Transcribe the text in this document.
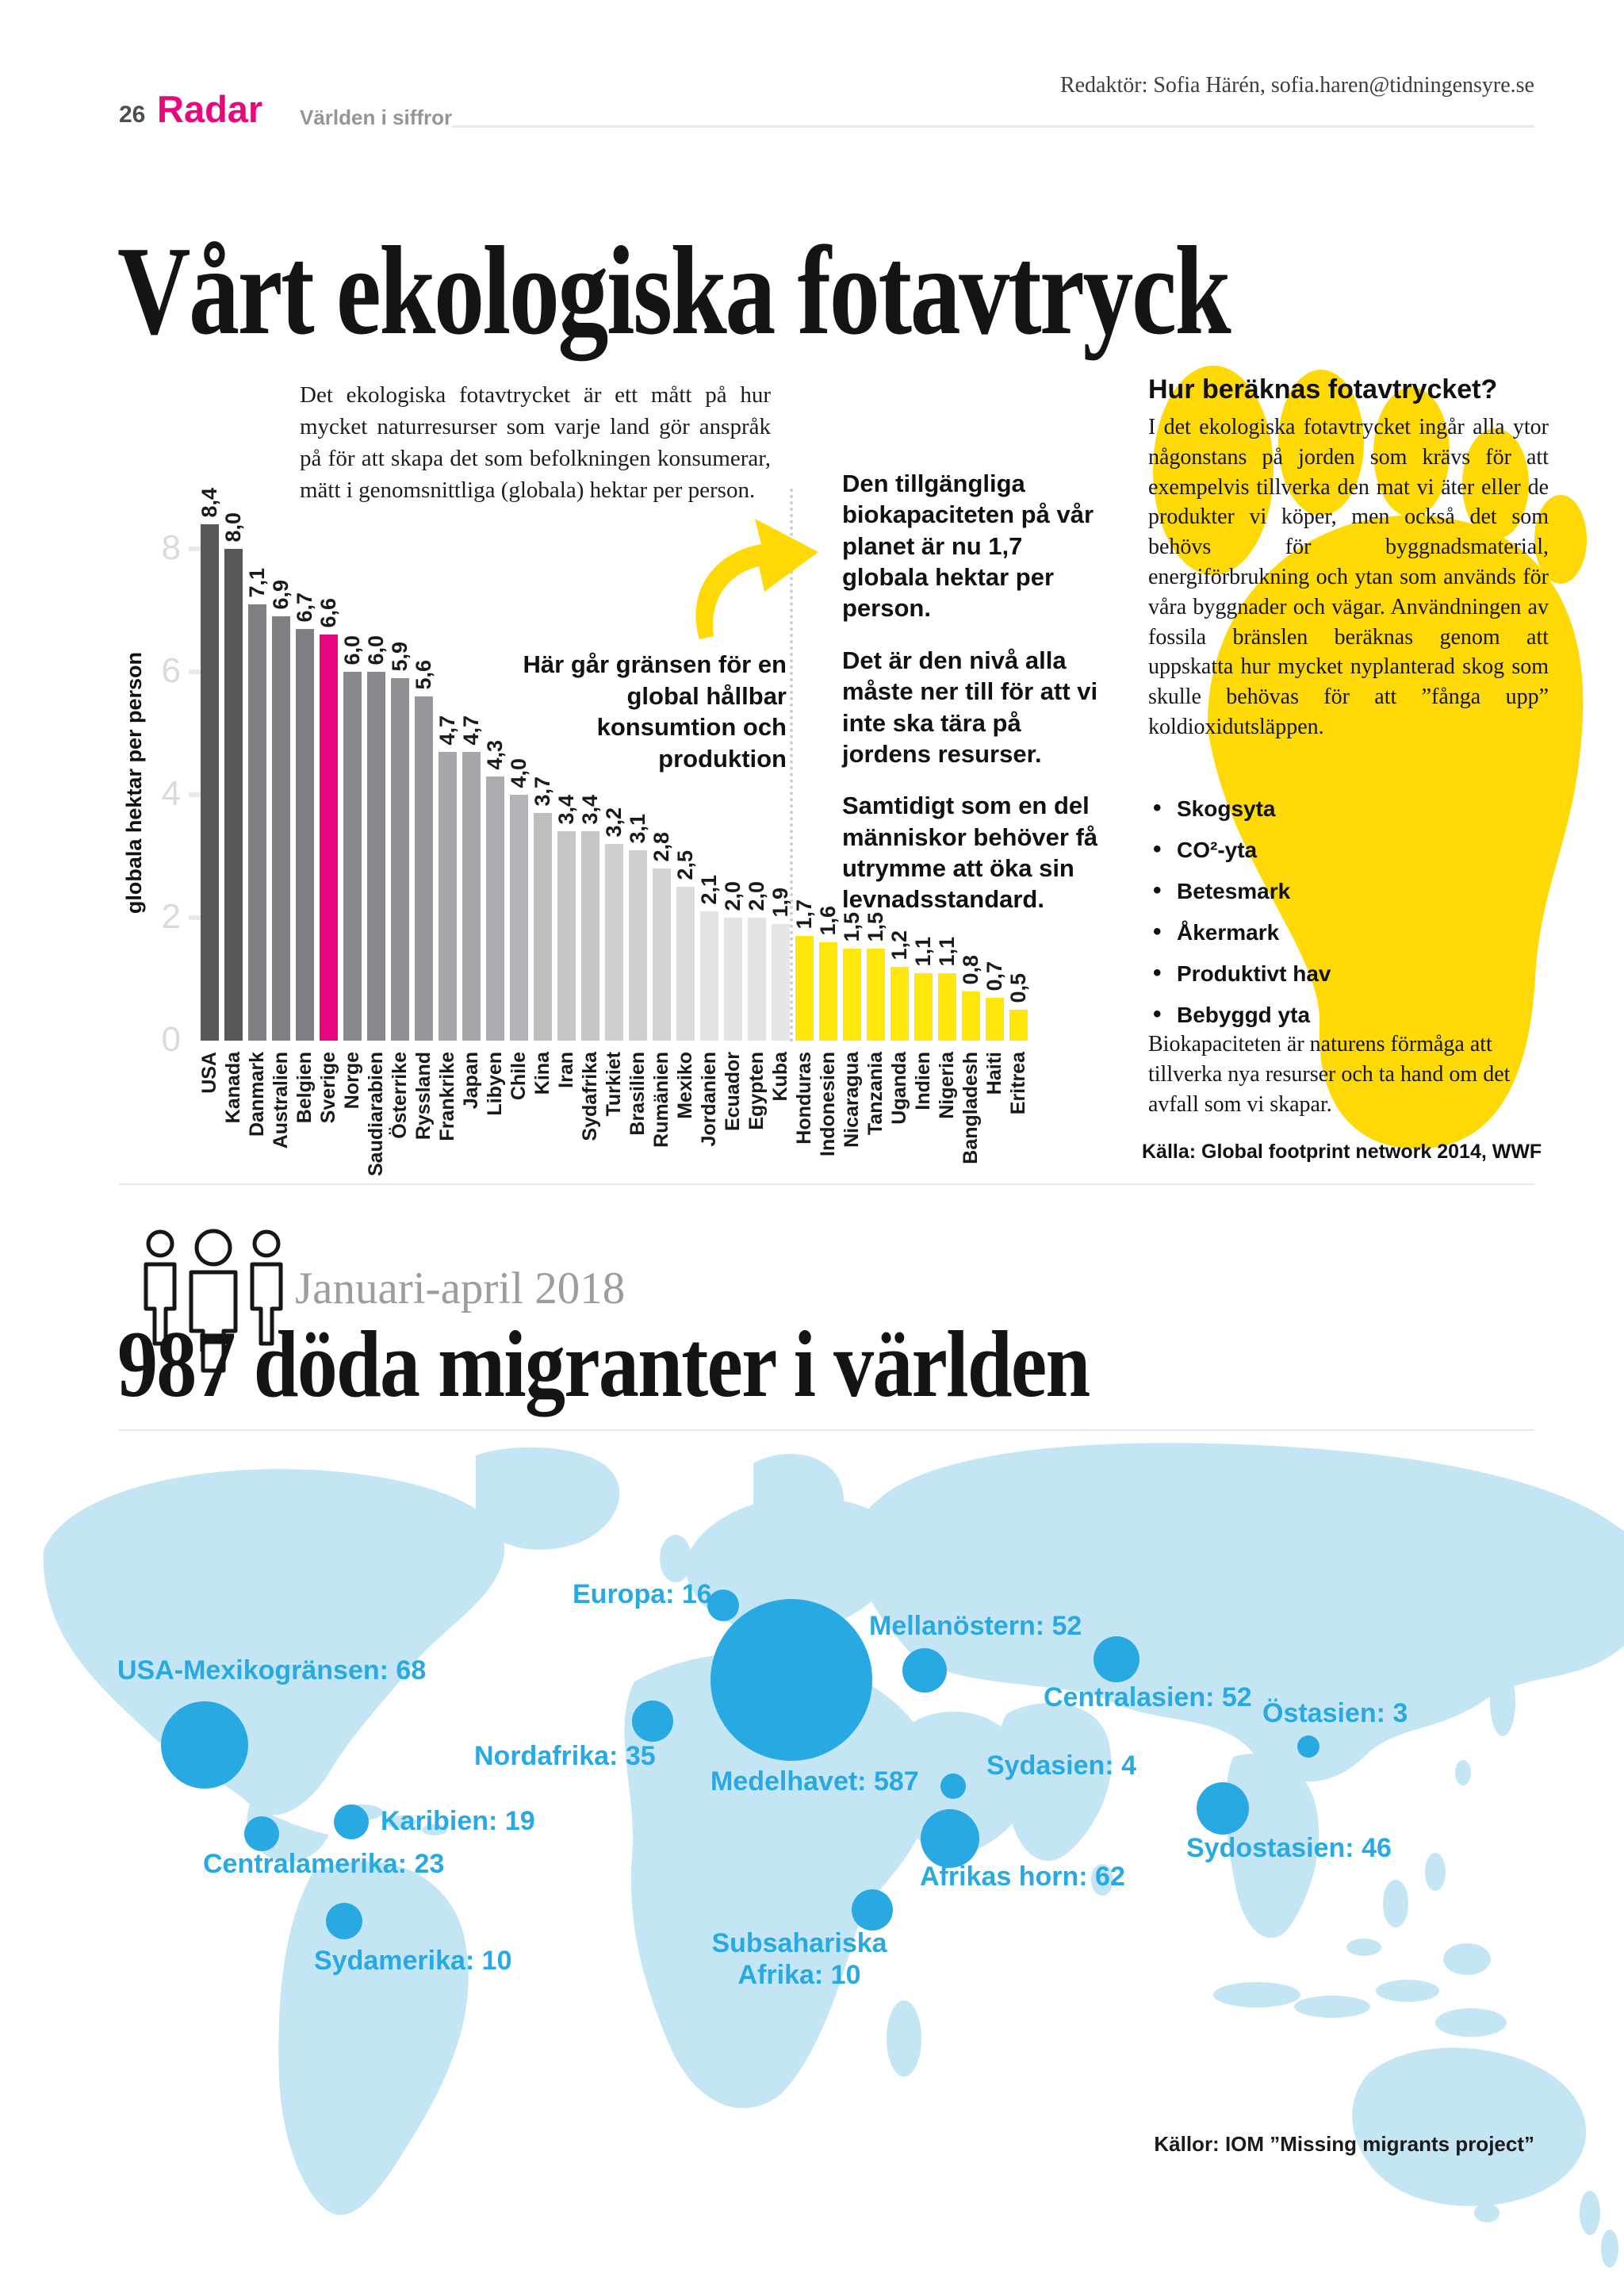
26 Radar Världen i siffror
Redaktör: Sofia Härén, sofia.haren@tidningensyre.se
Vårt ekologiska fotavtryck
Det ekologiska fotavtrycket är ett mått på hur mycket naturresurser som varje land gör anspråk på för att skapa det som befolkningen konsumerar, mätt i genomsnittliga (globala) hektar per person.
8,4
USA
8,0
Kanada
7,1
Danmark
6,9
Australien
6,7
Belgien
6,6
Sverige
6,0
Norge
6,0
Saudiarabien
5,9
Österrike
5,6
Ryssland
4,7
Frankrike
4,7
Japan
4,3
Libyen
4,0
Chile
3,7
Kina
3,4
Iran
3,4
Sydafrika
3,2
Turkiet
3,1
Brasilien
2,8
Rumänien
2,5
Mexiko
2,1
Jordanien
2,0
Ecuador
2,0
Egypten
1,9
Kuba
1,7
Honduras
1,6
Indonesien
1,5
Nicaragua
1,5
Tanzania
1,2
Uganda
1,1
Indien
1,1
Nigeria
0,8
Bangladesh
0,7
Haiti
0,5
Eritrea
0
2
4
6
8
globala hektar per person	Här går gränsen för en global hållbar konsumtion och produktion

Den tillgängliga biokapaciteten på vår planet är nu 1,7 globala hektar per person.

Det är den nivå alla måste ner till för att vi inte ska tära på jordens resurser.

Samtidigt som en del människor behöver få utrymme att öka sin levnadsstandard.

Hur beräknas fotavtrycket?
I det ekologiska fotavtrycket ingår alla ytor någonstans på jorden som krävs för att exempelvis tillverka den mat vi äter eller de produkter vi köper, men också det som behövs för byggnadsmaterial, energiförbrukning och ytan som används för våra byggnader och vägar. Användningen av fossila bränslen beräknas genom att uppskatta hur mycket nyplanterad skog som skulle behövas för att ”fånga upp” koldioxidutsläppen.
• Skogsyta
• CO²-yta
• Betesmark
• Åkermark
• Produktivt hav
• Bebyggd yta
Biokapaciteten är naturens förmåga att tillverka nya resurser och ta hand om det avfall som vi skapar.
Källa: Global footprint network 2014, WWF
Januari-april 2018
987 döda migranter i världen
USA-Mexikogränsen: 68
Karibien: 19
Centralamerika: 23
Sydamerika: 10
Europa: 16
Nordafrika: 35
Medelhavet: 587
Mellanöstern: 52
Centralasien: 52
Sydasien: 4
Östasien: 3
Sydostasien: 46
Afrikas horn: 62
Subsahariska
Afrika: 10
Källor: IOM ”Missing migrants project”
